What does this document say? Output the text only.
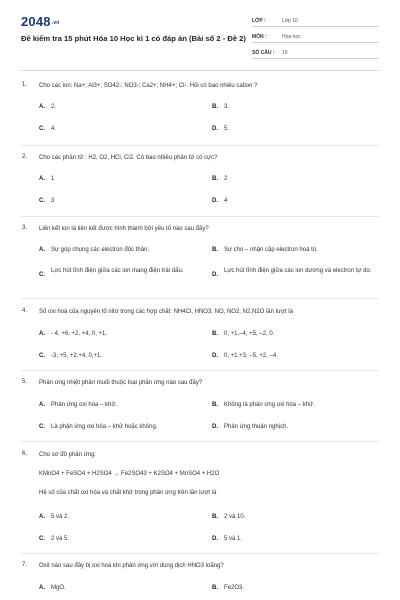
2048.vn
Đề kiểm tra 15 phút Hóa 10 Học kì 1 có đáp án (Bài số 2 - Đề 2)
LỚP :	Lớp 10
MÔN :	Hóa học
SỐ CÂU :	10
1. Cho các ion: Na+; Al3+; SO42-; NO3-; Ca2+; NH4+; Cl-. Hỏi có bao nhiêu cation ?
A. 2.	B. 3.
C. 4.	D. 5.
2. Cho các phân tử : H2, O2, HCl, Cl2. Có bao nhiêu phân tử có cực?
A. 1	B. 2
C. 3	D. 4
3. Liên kết ion là liên kết được hình thành bởi yếu tố nào sau đây?
A. Sự góp chung các electron độc thân.	B. Sự cho – nhận cặp electron hoá trị.
C.Lực hút tĩnh điện giữa các ion mang điện trái dấu.
D.Lực hút tĩnh điện giữa các ion dương và electron tự do.
4. Số oxi hoá của nguyên tố nitơ trong các hợp chất: NH4Cl, HNO3, NO, NO2, N2,N2O lần lượt là
A. - 4, +6, +2, +4, 0, +1.	B. 0, +1,–4, +5, –2, 0.
C. -3, +5, +2,+4, 0,+1.	D. 0, +1.+3, –5, +2, –4.
5. Phản ứng nhiệt phân muối thuộc loại phản ứng nào sau đây?
A. Phản ứng oxi hóa – khử.	B. Không là phản ứng oxi hóa – khử.
C. Là phản ứng oxi hóa – khử hoặc không.	D. Phản ứng thuận nghịch.
6. Cho sơ đồ phản ứng:
KMnO4 + FeSO4 + H2SO4 → Fe2SO43 + K2SO4 + MnSO4 + H2O
Hệ số của chất oxi hóa và chất khử trong phản ứng trên lần lượt là
A. 5 và 2.	B. 2 và 10.
C. 2 và 5.	D. 5 và 1.
7. Oxit nào sau đây bị oxi hoá khi phản ứng với dung dịch HNO3 loãng?
A. MgO.	B. Fe2O3.
